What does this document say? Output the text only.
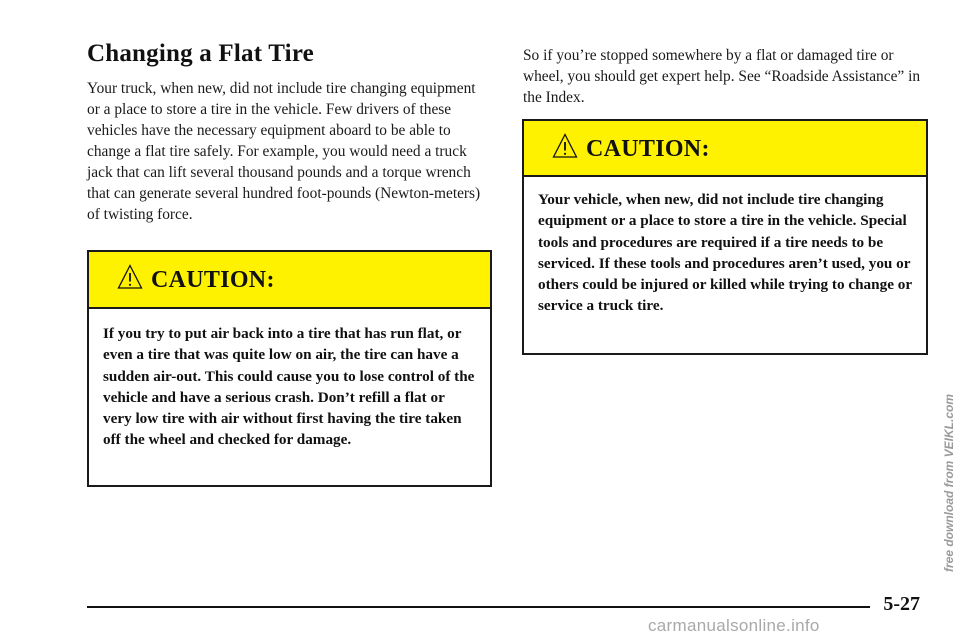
Changing a Flat Tire

Your truck, when new, did not include tire changing equipment or a place to store a tire in the vehicle. Few drivers of these vehicles have the necessary equipment aboard to be able to change a flat tire safely. For example, you would need a truck jack that can lift several thousand pounds and a torque wrench that can generate several hundred foot-pounds (Newton-meters) of twisting force.

CAUTION:

If you try to put air back into a tire that has run flat, or even a tire that was quite low on air, the tire can have a sudden air-out. This could cause you to lose control of the vehicle and have a serious crash. Don’t refill a flat or very low tire with air without first having the tire taken off the wheel and checked for damage.

So if you’re stopped somewhere by a flat or damaged tire or wheel, you should get expert help. See “Roadside Assistance” in the Index.

CAUTION:

Your vehicle, when new, did not include tire changing equipment or a place to store a tire in the vehicle. Special tools and procedures are required if a tire needs to be serviced. If these tools and procedures aren’t used, you or others could be injured or killed while trying to change or service a truck tire.

5-27
free download from VEIKL.com
carmanualsonline.info
